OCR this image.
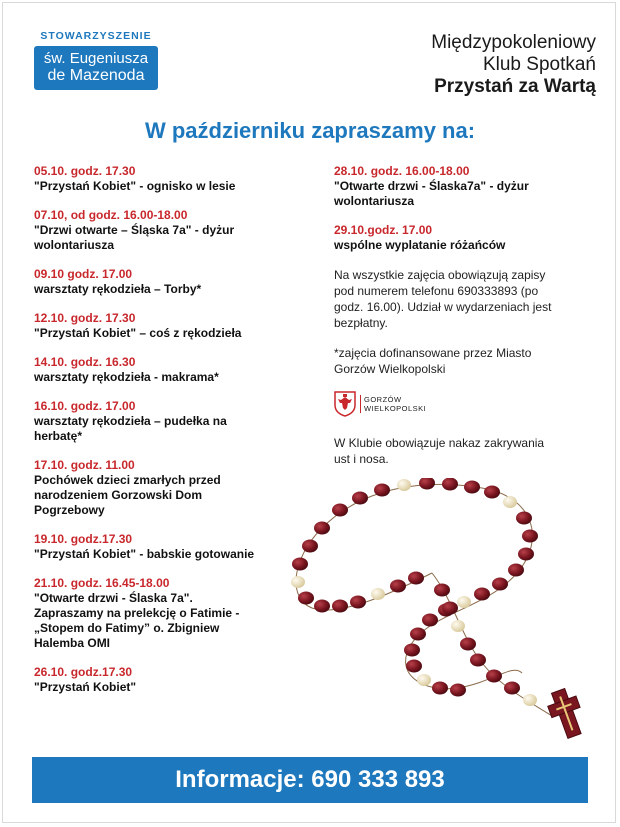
STOWARZYSZENIE
św. Eugeniusza
de Mazenoda
Międzypokoleniowy
Klub Spotkań
Przystań za Wartą
W październiku zapraszamy na:
05.10. godz. 17.30
"Przystań Kobiet" - ognisko w lesie
07.10, od godz. 16.00-18.00
"Drzwi otwarte – Śląska 7a" - dyżur
wolontariusza
09.10 godz. 17.00
warsztaty rękodzieła – Torby*
12.10. godz. 17.30
"Przystań Kobiet" – coś z rękodzieła
14.10. godz. 16.30
warsztaty rękodzieła - makrama*
16.10. godz. 17.00
warsztaty rękodzieła – pudełka na
herbatę*
17.10. godz. 11.00
Pochówek dzieci zmarłych przed
narodzeniem Gorzowski Dom
Pogrzebowy
19.10. godz.17.30
"Przystań Kobiet" - babskie gotowanie
21.10. godz. 16.45-18.00
"Otwarte drzwi - Ślaska 7a".
Zapraszamy na prelekcję o Fatimie -
„Stopem do Fatimy” o. Zbigniew
Halemba OMI
26.10. godz.17.30
"Przystań Kobiet"
28.10. godz. 16.00-18.00
"Otwarte drzwi - Ślaska7a" - dyżur
wolontariusza
29.10.godz. 17.00
wspólne wyplatanie różańców
Na wszystkie zajęcia obowiązują zapisy
pod numerem telefonu 690333893 (po
godz. 16.00). Udział w wydarzeniach jest
bezpłatny.
*zajęcia dofinansowane przez Miasto
Gorzów Wielkopolski
GORZÓW
WIELKOPOLSKI
W Klubie obowiązuje nakaz zakrywania
ust i nosa.
Informacje: 690 333 893
